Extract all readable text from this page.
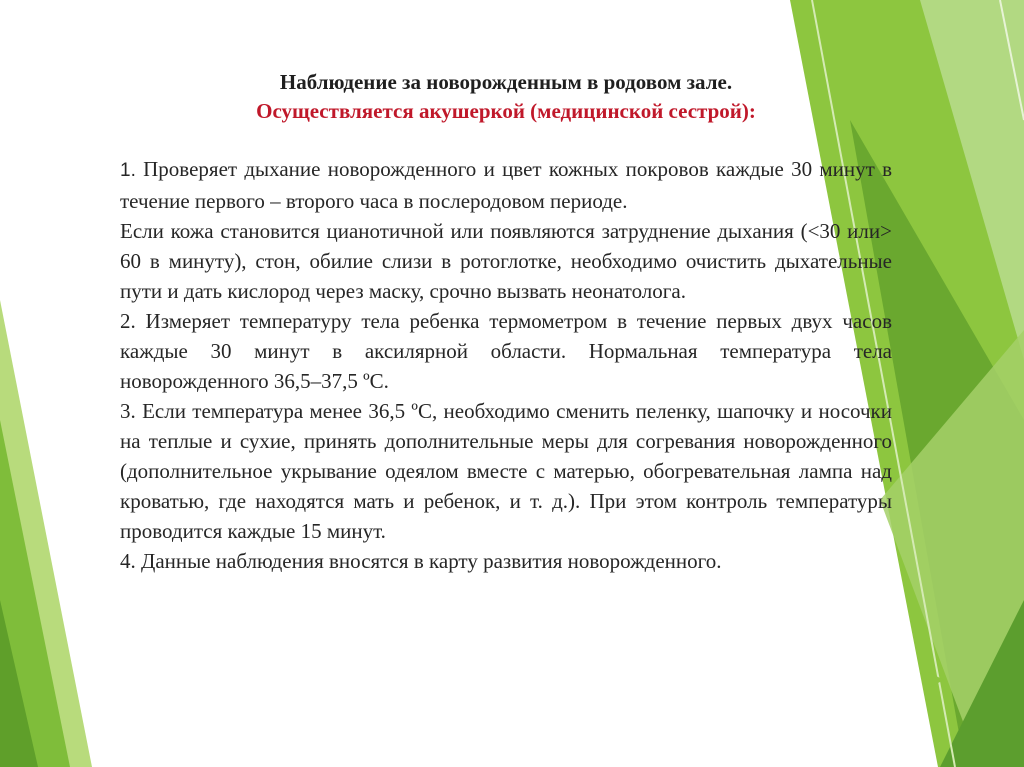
Наблюдение за новорожденным в родовом зале.

Осуществляется акушеркой (медицинской сестрой):

1. Проверяет дыхание новорожденного и цвет кожных покровов каждые 30 минут в течение первого – второго часа в послеродовом периоде.

Если кожа становится цианотичной или появляются затруднение дыхания (<30 или> 60 в минуту), стон, обилие слизи в ротоглотке, необходимо очистить дыхательные пути и дать кислород через маску, срочно вызвать неонатолога.

2. Измеряет температуру тела ребенка термометром в течение первых двух часов каждые 30 минут в аксилярной области. Нормальная температура тела новорожденного 36,5–37,5 ºС.

3. Если температура менее 36,5 ºС, необходимо сменить пеленку, шапочку и носочки на теплые и сухие, принять дополнительные меры для согревания новорожденного (дополнительное укрывание одеялом вместе с матерью, обогревательная лампа над кроватью, где находятся мать и ребенок, и т. д.). При этом контроль температуры проводится каждые 15 минут.

4. Данные наблюдения вносятся в карту развития новорожденного.
